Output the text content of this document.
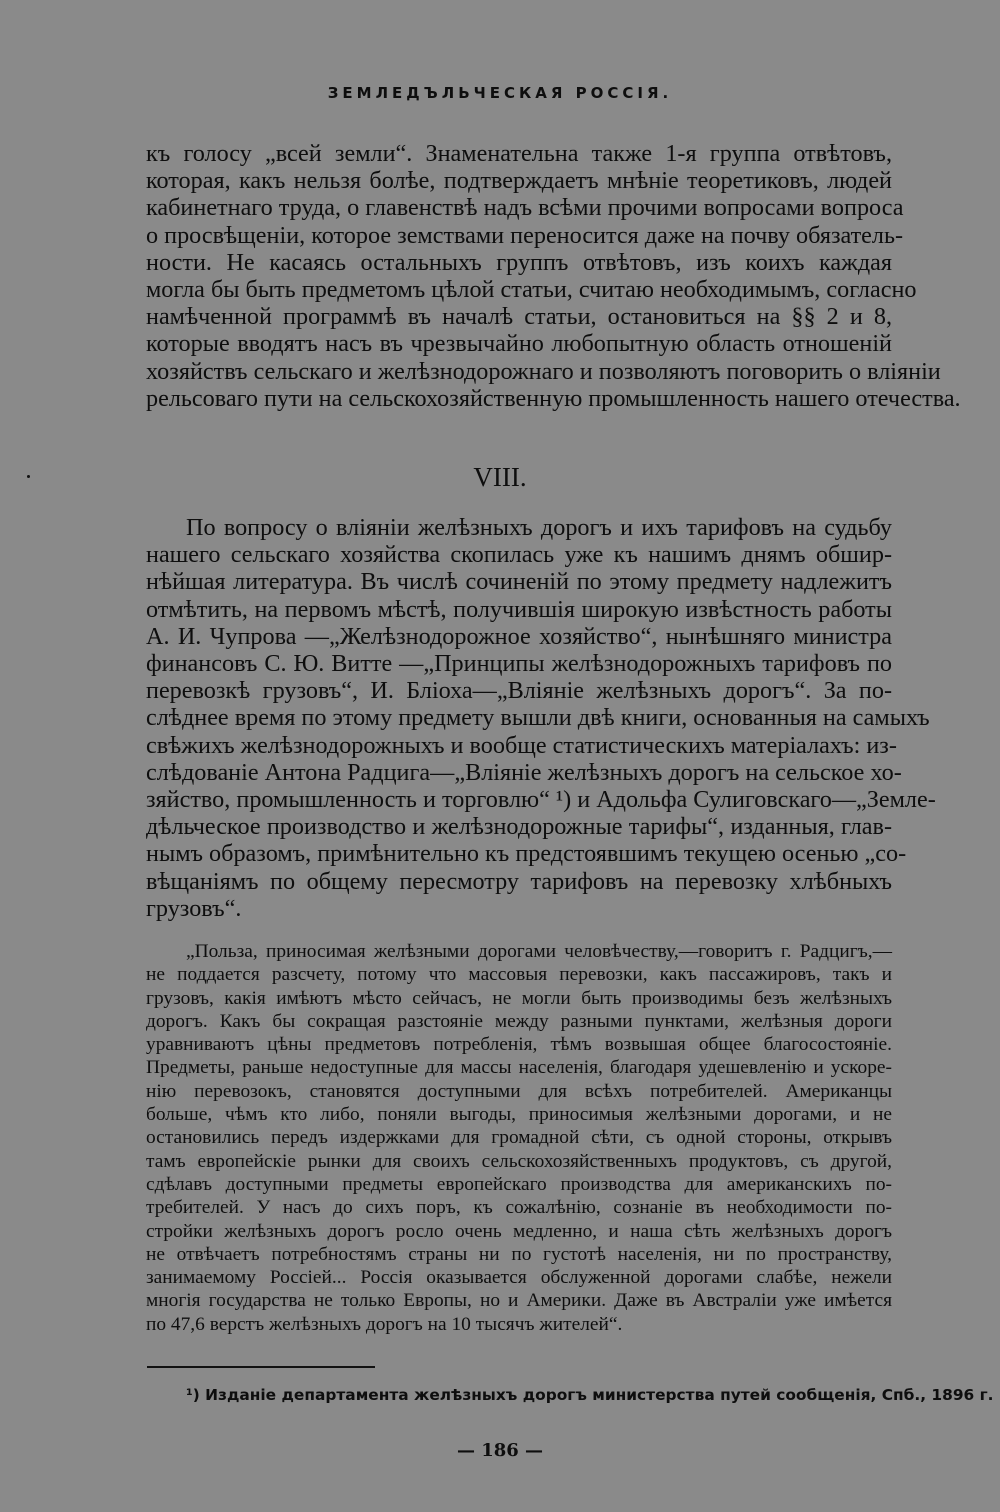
ЗЕМЛЕДЪЛЬЧЕСКАЯ РОССIЯ.
къ голосу „всей земли“. Знаменательна также 1-я группа отвѣтовъ,
которая, какъ нельзя болѣе, подтверждаетъ мнѣніе теоретиковъ, людей
кабинетнаго труда, о главенствѣ надъ всѣми прочими вопросами вопроса
о просвѣщеніи, которое земствами переносится даже на почву обязатель-
ности. Не касаясь остальныхъ группъ отвѣтовъ, изъ коихъ каждая
могла бы быть предметомъ цѣлой статьи, считаю необходимымъ, согласно
намѣченной программѣ въ началѣ статьи, остановиться на §§ 2 и 8,
которые вводятъ насъ въ чрезвычайно любопытную область отношеній
хозяйствъ сельскаго и желѣзнодорожнаго и позволяютъ поговорить о вліяніи
рельсоваго пути на сельскохозяйственную промышленность нашего отечества.
VIII.
По вопросу о вліяніи желѣзныхъ дорогъ и ихъ тарифовъ на судьбу
нашего сельскаго хозяйства скопилась уже къ нашимъ днямъ обшир-
нѣйшая литература. Въ числѣ сочиненій по этому предмету надлежитъ
отмѣтить, на первомъ мѣстѣ, получившія широкую извѣстность работы
А. И. Чупрова —„Желѣзнодорожное хозяйство“, нынѣшняго министра
финансовъ С. Ю. Витте —„Принципы желѣзнодорожныхъ тарифовъ по
перевозкѣ грузовъ“, И. Бліоха—„Вліяніе желѣзныхъ дорогъ“. За по-
слѣднее время по этому предмету вышли двѣ книги, основанныя на самыхъ
свѣжихъ желѣзнодорожныхъ и вообще статистическихъ матеріалахъ: из-
слѣдованіе Антона Радцига—„Вліяніе желѣзныхъ дорогъ на сельское хо-
зяйство, промышленность и торговлю“ ¹) и Адольфа Сулиговскаго—„Земле-
дѣльческое производство и желѣзнодорожные тарифы“, изданныя, глав-
нымъ образомъ, примѣнительно къ предстоявшимъ текущею осенью „со-
вѣщаніямъ по общему пересмотру тарифовъ на перевозку хлѣбныхъ
грузовъ“.
„Польза, приносимая желѣзными дорогами человѣчеству,—говоритъ г. Радцигъ,—
не поддается разсчету, потому что массовыя перевозки, какъ пассажировъ, такъ и
грузовъ, какія имѣютъ мѣсто сейчасъ, не могли быть производимы безъ желѣзныхъ
дорогъ. Какъ бы сокращая разстояніе между разными пунктами, желѣзныя дороги
уравниваютъ цѣны предметовъ потребленія, тѣмъ возвышая общее благосостояніе.
Предметы, раньше недоступные для массы населенія, благодаря удешевленію и ускоре-
нію перевозокъ, становятся доступными для всѣхъ потребителей. Американцы
больше, чѣмъ кто либо, поняли выгоды, приносимыя желѣзными дорогами, и не
остановились передъ издержками для громадной сѣти, съ одной стороны, открывъ
тамъ европейскіе рынки для своихъ сельскохозяйственныхъ продуктовъ, съ другой,
сдѣлавъ доступными предметы европейскаго производства для американскихъ по-
требителей. У насъ до сихъ поръ, къ сожалѣнію, сознаніе въ необходимости по-
стройки желѣзныхъ дорогъ росло очень медленно, и наша сѣть желѣзныхъ дорогъ
не отвѣчаетъ потребностямъ страны ни по густотѣ населенія, ни по пространству,
занимаемому Россіей... Россія оказывается обслуженной дорогами слабѣе, нежели
многія государства не только Европы, но и Америки. Даже въ Австраліи уже имѣется
по 47,6 верстъ желѣзныхъ дорогъ на 10 тысячъ жителей“.
¹) Изданіе департамента желѣзныхъ дорогъ министерства путей сообщенія, Спб., 1896 г.
— 186 —
